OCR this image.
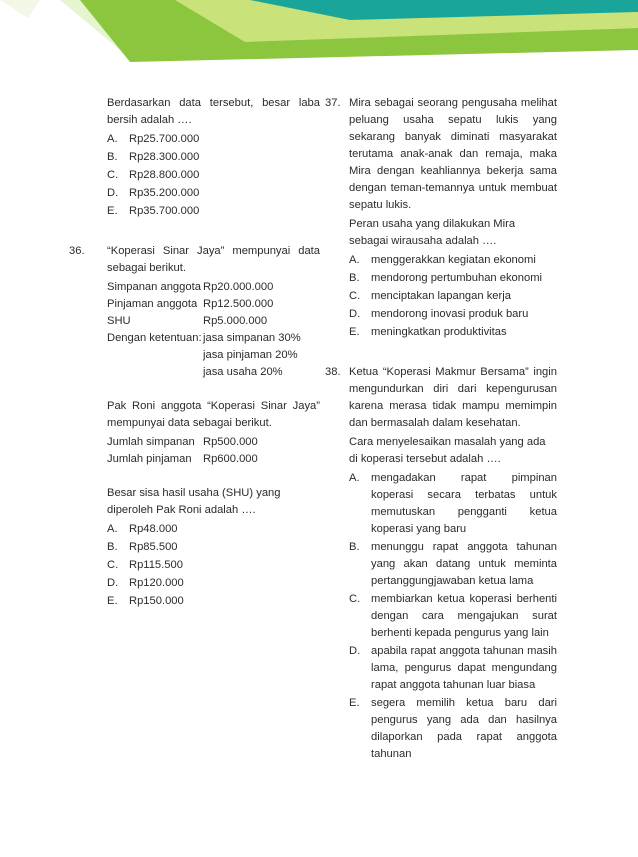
Berdasarkan data tersebut, besar laba bersih adalah ….

A. Rp25.700.000
B. Rp28.300.000
C. Rp28.800.000
D. Rp35.200.000
E. Rp35.700.000
36. “Koperasi Sinar Jaya” mempunyai data sebagai berikut.

Simpanan anggota Rp20.000.000
Pinjaman anggota Rp12.500.000
SHU	Rp5.000.000
Dengan ketentuan: jasa simpanan 30%
jasa pinjaman 20%
jasa usaha 20%

Pak Roni anggota “Koperasi Sinar Jaya” mempunyai data sebagai berikut.

Jumlah simpanan Rp500.000
Jumlah pinjaman	Rp600.000

Besar sisa hasil usaha (SHU) yang diperoleh Pak Roni adalah ….

A. Rp48.000
B. Rp85.500
C. Rp115.500
D. Rp120.000
E. Rp150.000
37. Mira sebagai seorang pengusaha melihat peluang usaha sepatu lukis yang sekarang banyak diminati masyarakat terutama anak-anak dan remaja, maka Mira dengan keahliannya bekerja sama dengan teman-temannya untuk membuat sepatu lukis.

Peran usaha yang dilakukan Mira sebagai wirausaha adalah ….

A. menggerakkan kegiatan ekonomi
B. mendorong pertumbuhan ekonomi
C. menciptakan lapangan kerja
D. mendorong inovasi produk baru
E. meningkatkan produktivitas
38. Ketua “Koperasi Makmur Bersama” ingin mengundurkan diri dari kepengurusan karena merasa tidak mampu memimpin dan bermasalah dalam kesehatan.

Cara menyelesaikan masalah yang ada di koperasi tersebut adalah ….

A. mengadakan rapat pimpinan koperasi secara terbatas untuk memutuskan pengganti ketua koperasi yang baru
B. menunggu rapat anggota tahunan yang akan datang untuk meminta pertanggungjawaban ketua lama
C. membiarkan ketua koperasi berhenti dengan cara mengajukan surat berhenti kepada pengurus yang lain
D. apabila rapat anggota tahunan masih lama, pengurus dapat mengundang rapat anggota tahunan luar biasa
E. segera memilih ketua baru dari pengurus yang ada dan hasilnya dilaporkan pada rapat anggota tahunan
